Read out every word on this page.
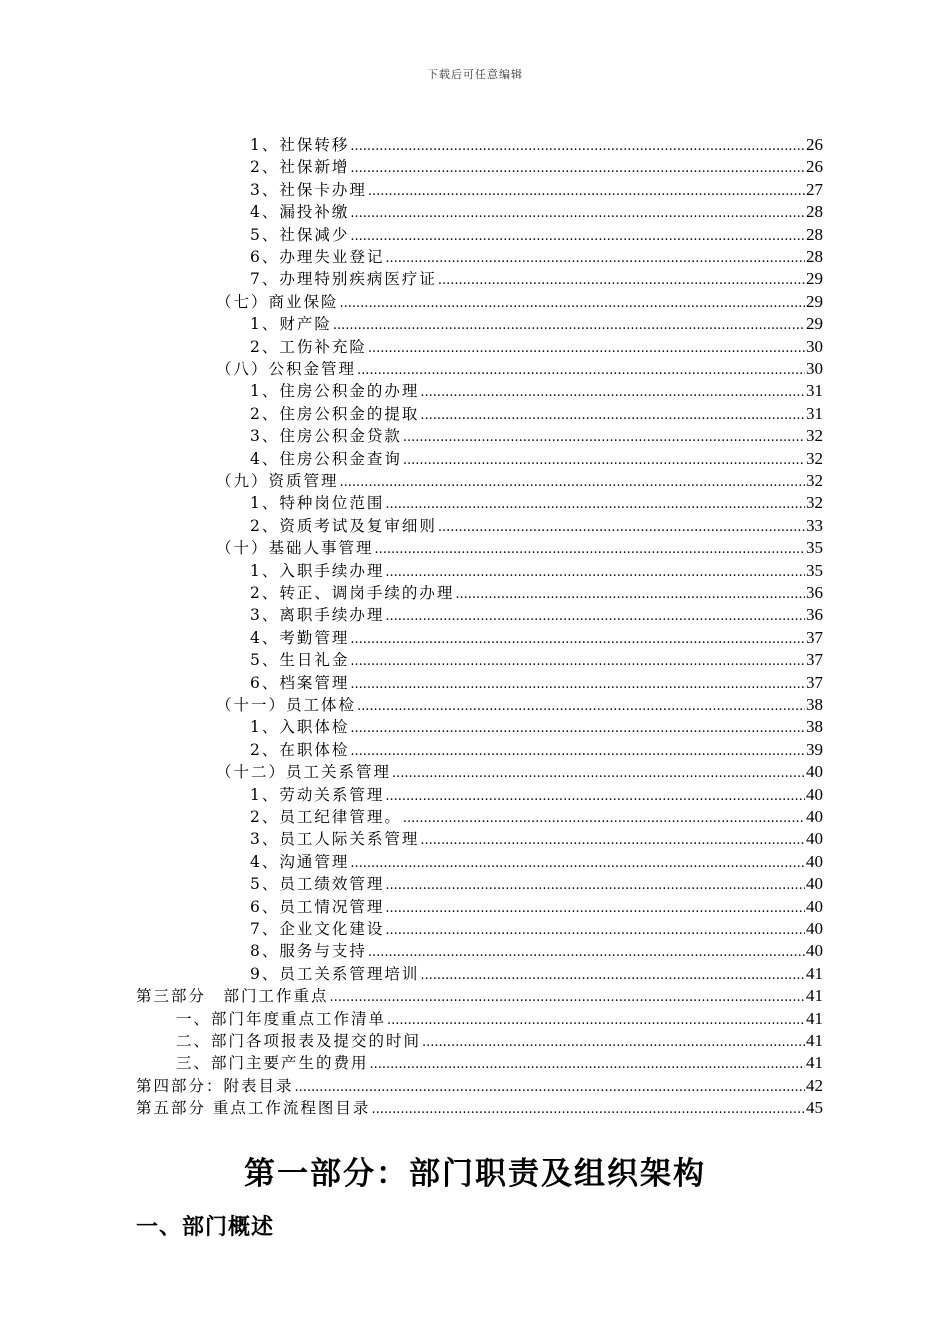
下载后可任意编辑
1、社保转移 .....	26
2、社保新增 .....	26
3、社保卡办理 .....	27
4、漏投补缴 .....	28
5、社保减少 .....	28
6、办理失业登记 .....	28
7、办理特别疾病医疗证 .....	29
（七）商业保险 .....	29
1、财产险 .....	29
2、工伤补充险 .....	30
（八）公积金管理 .....	30
1、住房公积金的办理 .....	31
2、住房公积金的提取 .....	31
3、住房公积金贷款 .....	32
4、住房公积金查询 .....	32
（九）资质管理 .....	32
1、特种岗位范围 .....	32
2、资质考试及复审细则 .....	33
（十）基础人事管理 .....	35
1、入职手续办理 .....	35
2、转正、调岗手续的办理 .....	36
3、离职手续办理 .....	36
4、考勤管理 .....	37
5、生日礼金 .....	37
6、档案管理 .....	37
（十一）员工体检 .....	38
1、入职体检 .....	38
2、在职体检 .....	39
（十二）员工关系管理 .....	40
1、劳动关系管理 .....	40
2、员工纪律管理。 .....	40
3、员工人际关系管理 .....	40
4、沟通管理 .....	40
5、员工绩效管理 .....	40
6、员工情况管理 .....	40
7、企业文化建设 .....	40
8、服务与支持 .....	40
9、员工关系管理培训 .....	41
第三部分　部门工作重点 .....	41
一、部门年度重点工作清单 .....	41
二、部门各项报表及提交的时间 .....	41
三、部门主要产生的费用 .....	41
第四部分：附表目录 .....	42
第五部分 重点工作流程图目录 .....	45
第一部分：部门职责及组织架构
一、部门概述
